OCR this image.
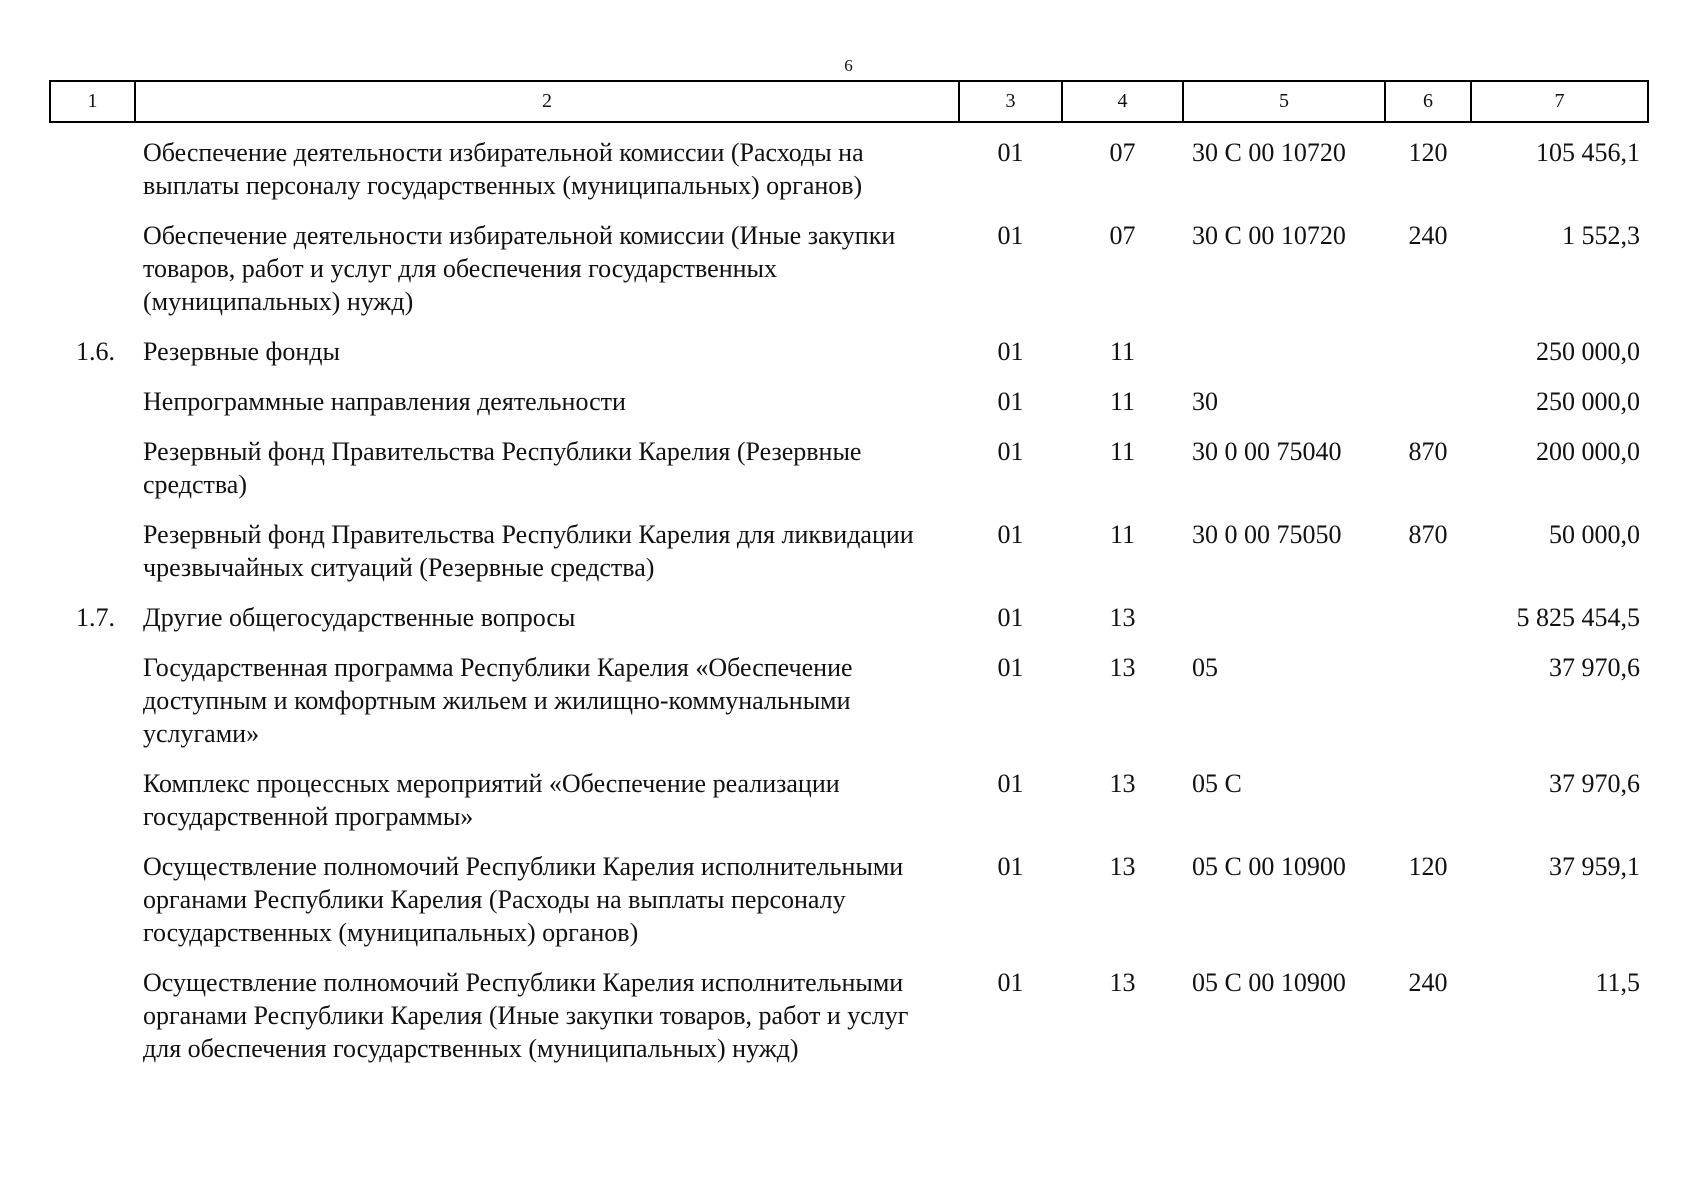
6
1	2	3	4	5	6	7
	Обеспечение деятельности избирательной комиссии (Расходы на выплаты персоналу государственных (муниципальных) органов)	01	07	30 С 00 10720	120	105 456,1
	Обеспечение деятельности избирательной комиссии (Иные закупки товаров, работ и услуг для обеспечения государственных (муниципальных) нужд)	01	07	30 С 00 10720	240	1 552,3
1.6.	Резервные фонды	01	11			250 000,0
	Непрограммные направления деятельности	01	11	30		250 000,0
	Резервный фонд Правительства Республики Карелия (Резервные средства)	01	11	30 0 00 75040	870	200 000,0
	Резервный фонд Правительства Республики Карелия для ликвидации чрезвычайных ситуаций (Резервные средства)	01	11	30 0 00 75050	870	50 000,0
1.7.	Другие общегосударственные вопросы	01	13			5 825 454,5
	Государственная программа Республики Карелия «Обеспечение доступным и комфортным жильем и жилищно-коммунальными услугами»	01	13	05		37 970,6
	Комплекс процессных мероприятий «Обеспечение реализации государственной программы»	01	13	05 С		37 970,6
	Осуществление полномочий Республики Карелия исполнительными органами Республики Карелия (Расходы на выплаты персоналу государственных (муниципальных) органов)	01	13	05 С 00 10900	120	37 959,1
	Осуществление полномочий Республики Карелия исполнительными органами Республики Карелия (Иные закупки товаров, работ и услуг для обеспечения государственных (муниципальных) нужд)	01	13	05 С 00 10900	240	11,5
